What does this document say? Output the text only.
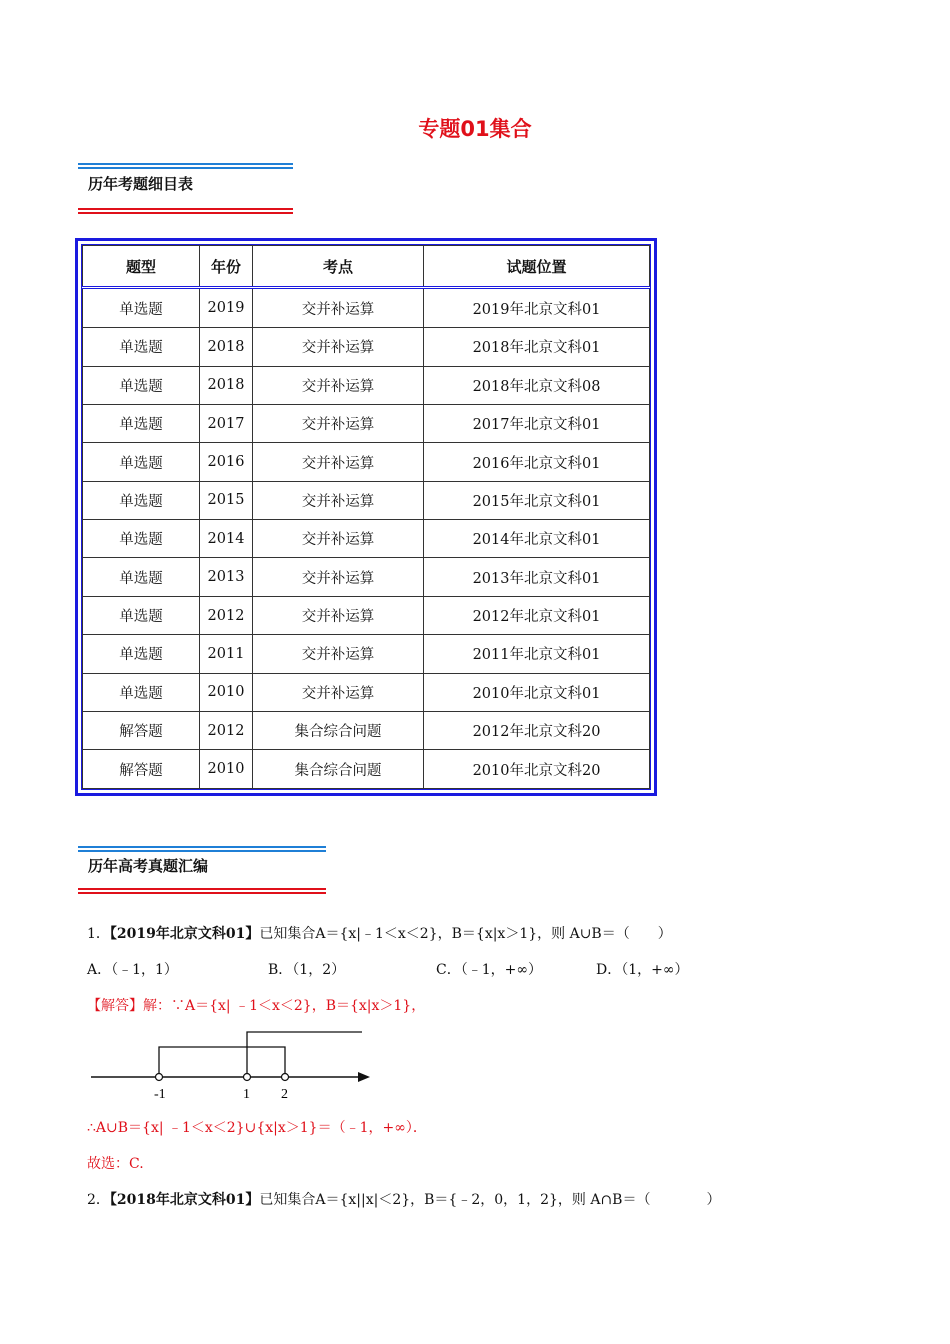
专题01集合
历年考题细目表
题型	年份	考点	试题位置
单选题	2019	交并补运算	2019年北京文科01
单选题	2018	交并补运算	2018年北京文科01
单选题	2018	交并补运算	2018年北京文科08
单选题	2017	交并补运算	2017年北京文科01
单选题	2016	交并补运算	2016年北京文科01
单选题	2015	交并补运算	2015年北京文科01
单选题	2014	交并补运算	2014年北京文科01
单选题	2013	交并补运算	2013年北京文科01
单选题	2012	交并补运算	2012年北京文科01
单选题	2011	交并补运算	2011年北京文科01
单选题	2010	交并补运算	2010年北京文科01
解答题	2012	集合综合问题	2012年北京文科20
解答题	2010	集合综合问题	2010年北京文科20
历年高考真题汇编
1．【2019年北京文科01】已知集合A＝{x|﹣1＜x＜2}，B＝{x|x＞1}，则 A∪B＝（　　）
A．（﹣1，1）	B．（1，2）	C．（﹣1，+∞）	D．（1，+∞）
【解答】解：∵A＝{x| ﹣1＜x＜2}，B＝{x|x＞1}，
-1	1 2
∴A∪B＝{x| ﹣1＜x＜2}∪{x|x＞1}＝（﹣1，+∞）．
故选：C.
2．【2018年北京文科01】已知集合A＝{x||x|＜2}，B＝{﹣2，0，1，2}，则 A∩B＝（　　　　）
